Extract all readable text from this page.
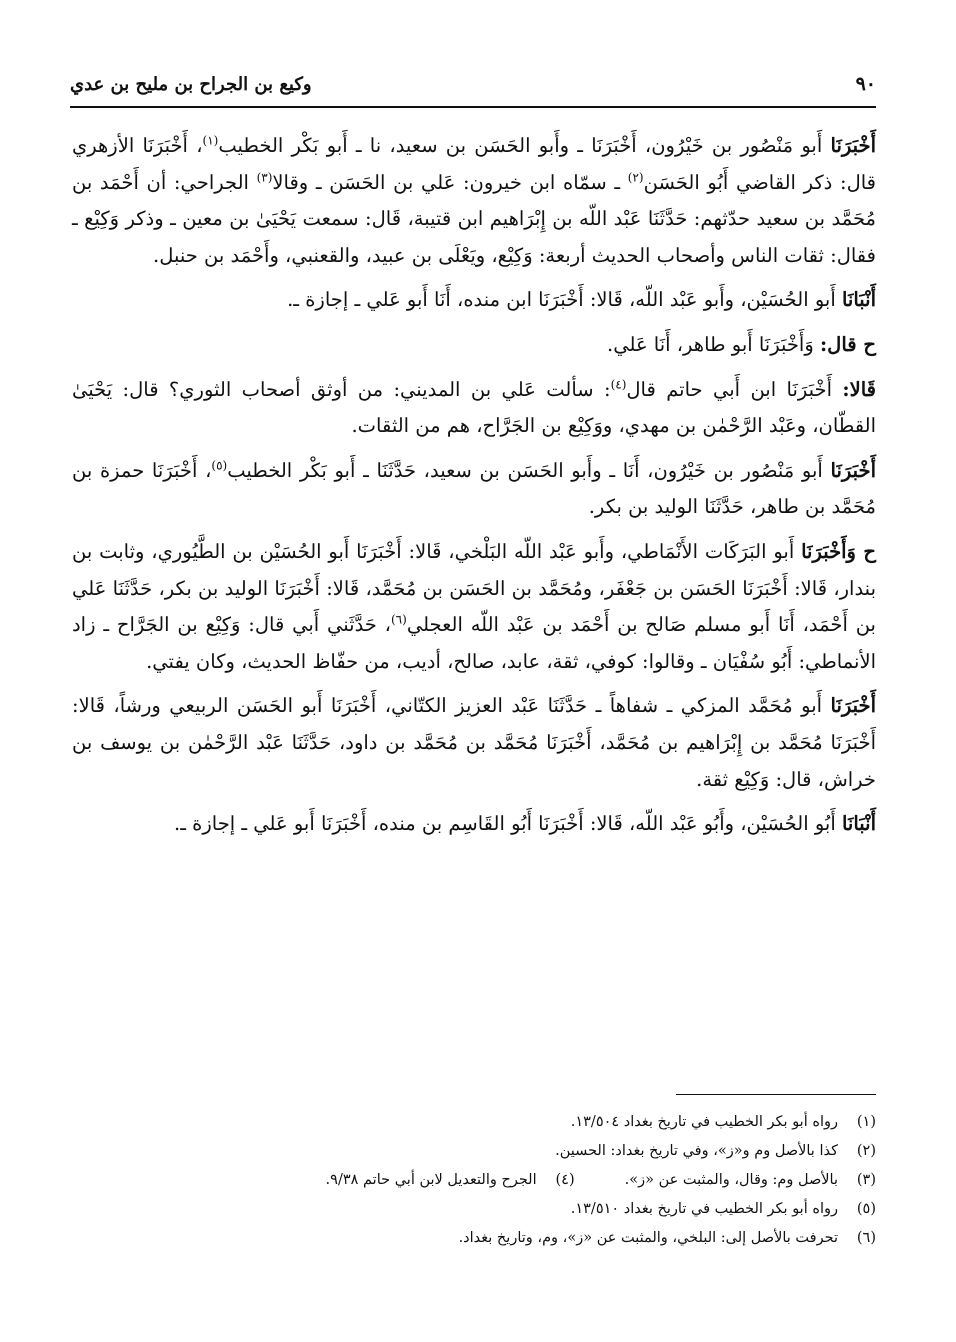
٩٠
وكيع بن الجراح بن مليح بن عدي

أَخْبَرَنَا أَبو مَنْصُور بن خَيْرُون، أَخْبَرَنَا ـ وأَبو الحَسَن بن سعيد، نا ـ أَبو بَكْر الخطيب$^{(١)}$، أَخْبَرَنَا الأزهري قال: ذكر القاضي أَبُو الحَسَن$^{(٢)}$ ـ سمّاه ابن خيرون: عَلي بن الحَسَن ـ وقالا$^{(٣)}$ الجراحي: أن أَحْمَد بن مُحَمَّد بن سعيد حدّثهم: حَدَّثَنَا عَبْد اللّه بن إِبْرَاهيم ابن قتيبة، قَال: سمعت يَحْيَىٰ بن معين ـ وذكر وَكِيْع ـ فقال: ثقات الناس وأصحاب الحديث أربعة: وَكِيْع، ويَعْلَى بن عبيد، والقعنبي، وأَحْمَد بن حنبل.

أَنْبَانَا أَبو الحُسَيْن، وأَبو عَبْد اللّه، قَالا: أَخْبَرَنَا ابن منده، أَنَا أَبو عَلي ـ إجازة ـ.

ح قال: وَأَخْبَرَنَا أَبو طاهر، أَنَا عَلي.

قَالا: أَخْبَرَنَا ابن أَبي حاتم قال$^{(٤)}$: سألت عَلي بن المديني: من أوثق أصحاب الثوري؟ قال: يَحْيَىٰ القطّان، وعَبْد الرَّحْمٰن بن مهدي، ووَكِيْع بن الجَرَّاح، هم من الثقات.

أَخْبَرَنَا أَبو مَنْصُور بن خَيْرُون، أَنَا ـ وأَبو الحَسَن بن سعيد، حَدَّثَنَا ـ أَبو بَكْر الخطيب$^{(٥)}$، أَخْبَرَنَا حمزة بن مُحَمَّد بن طاهر، حَدَّثَنَا الوليد بن بكر.

ح وَأَخْبَرَنَا أَبو البَرَكَات الأَنْمَاطي، وأَبو عَبْد اللّه البَلْخي، قَالا: أَخْبَرَنَا أَبو الحُسَيْن بن الطَّيُوري، وثابت بن بندار، قَالا: أَخْبَرَنَا الحَسَن بن جَعْفَر، ومُحَمَّد بن الحَسَن بن مُحَمَّد، قَالا: أَخْبَرَنَا الوليد بن بكر، حَدَّثَنَا عَلي بن أَحْمَد، أَنَا أَبو مسلم صَالح بن أَحْمَد بن عَبْد اللّه العجلي$^{(٦)}$، حَدَّثَني أَبي قال: وَكِيْع بن الجَرَّاح ـ زاد الأنماطي: أَبُو سُفْيَان ـ وقالوا: كوفي، ثقة، عابد، صالح، أديب، من حفّاظ الحديث، وكان يفتي.

أَخْبَرَنَا أَبو مُحَمَّد المزكي ـ شفاهاً ـ حَدَّثَنَا عَبْد العزيز الكتّاني، أَخْبَرَنَا أَبو الحَسَن الربيعي ورشاً، قَالا: أَخْبَرَنَا مُحَمَّد بن إِبْرَاهيم بن مُحَمَّد، أَخْبَرَنَا مُحَمَّد بن مُحَمَّد بن داود، حَدَّثَنَا عَبْد الرَّحْمٰن بن يوسف بن خراش، قال: وَكِيْع ثقة.

أَنْبَانَا أَبُو الحُسَيْن، وأَبُو عَبْد اللّه، قَالا: أَخْبَرَنَا أَبُو القَاسِم بن منده، أَخْبَرَنَا أَبو عَلي ـ إجازة ـ.

(١)
رواه أبو بكر الخطيب في تاريخ بغداد ١٣/٥٠٤.
(٢)
كذا بالأصل وم و«ز»، وفي تاريخ بغداد: الحسين.
(٣)
بالأصل وم: وقال، والمثبت عن «ز».
(٤)
الجرح والتعديل لابن أبي حاتم ٩/٣٨.
(٥)
رواه أبو بكر الخطيب في تاريخ بغداد ١٣/٥١٠.
(٦)
تحرفت بالأصل إلى: البلخي، والمثبت عن «ز»، وم، وتاريخ بغداد.
